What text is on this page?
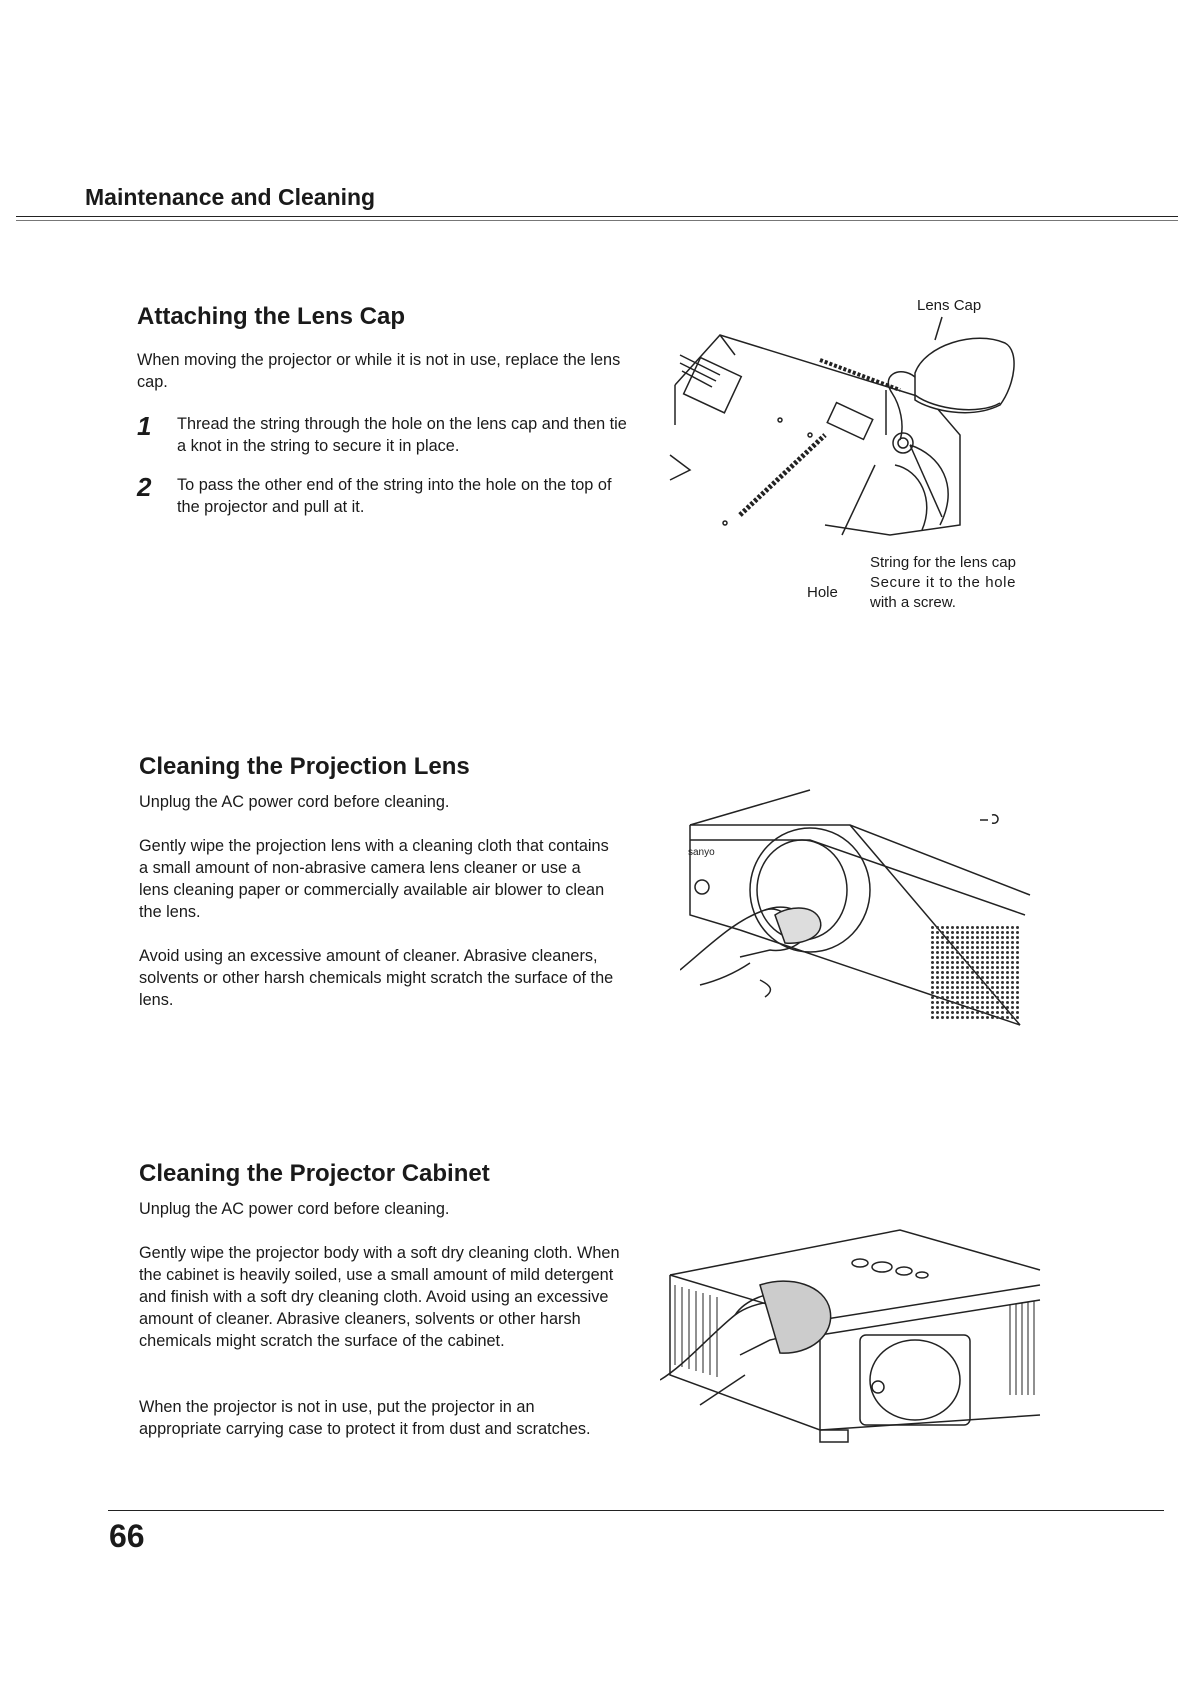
Maintenance and Cleaning
Attaching the Lens Cap

When moving the projector or while it is not in use, replace the lens cap.

1	Thread the string through the hole on the lens cap and then tie a knot in the string to secure it in place.
2	To pass the other end of the string into the hole on the top of the projector and pull at it.
Lens Cap
Hole
String for the lens cap
Secure it to the hole
with a screw.
Cleaning the Projection Lens

Unplug the AC power cord before cleaning.

Gently wipe the projection lens with a cleaning cloth that contains a small amount of non-abrasive camera lens cleaner or use a lens cleaning paper or commercially available air blower to clean the lens.

Avoid using an excessive amount of cleaner. Abrasive cleaners, solvents or other harsh chemicals might scratch the surface of the lens.

sanyo
Cleaning the Projector Cabinet

Unplug the AC power cord before cleaning.

Gently wipe the projector body with a soft dry cleaning cloth. When the cabinet is heavily soiled, use a small amount of mild detergent and finish with a soft dry cleaning cloth. Avoid using an excessive amount of cleaner. Abrasive cleaners, solvents or other harsh chemicals might scratch the surface of the cabinet.

When the projector is not in use, put the projector in an appropriate carrying case to protect it from dust and scratches.

66
